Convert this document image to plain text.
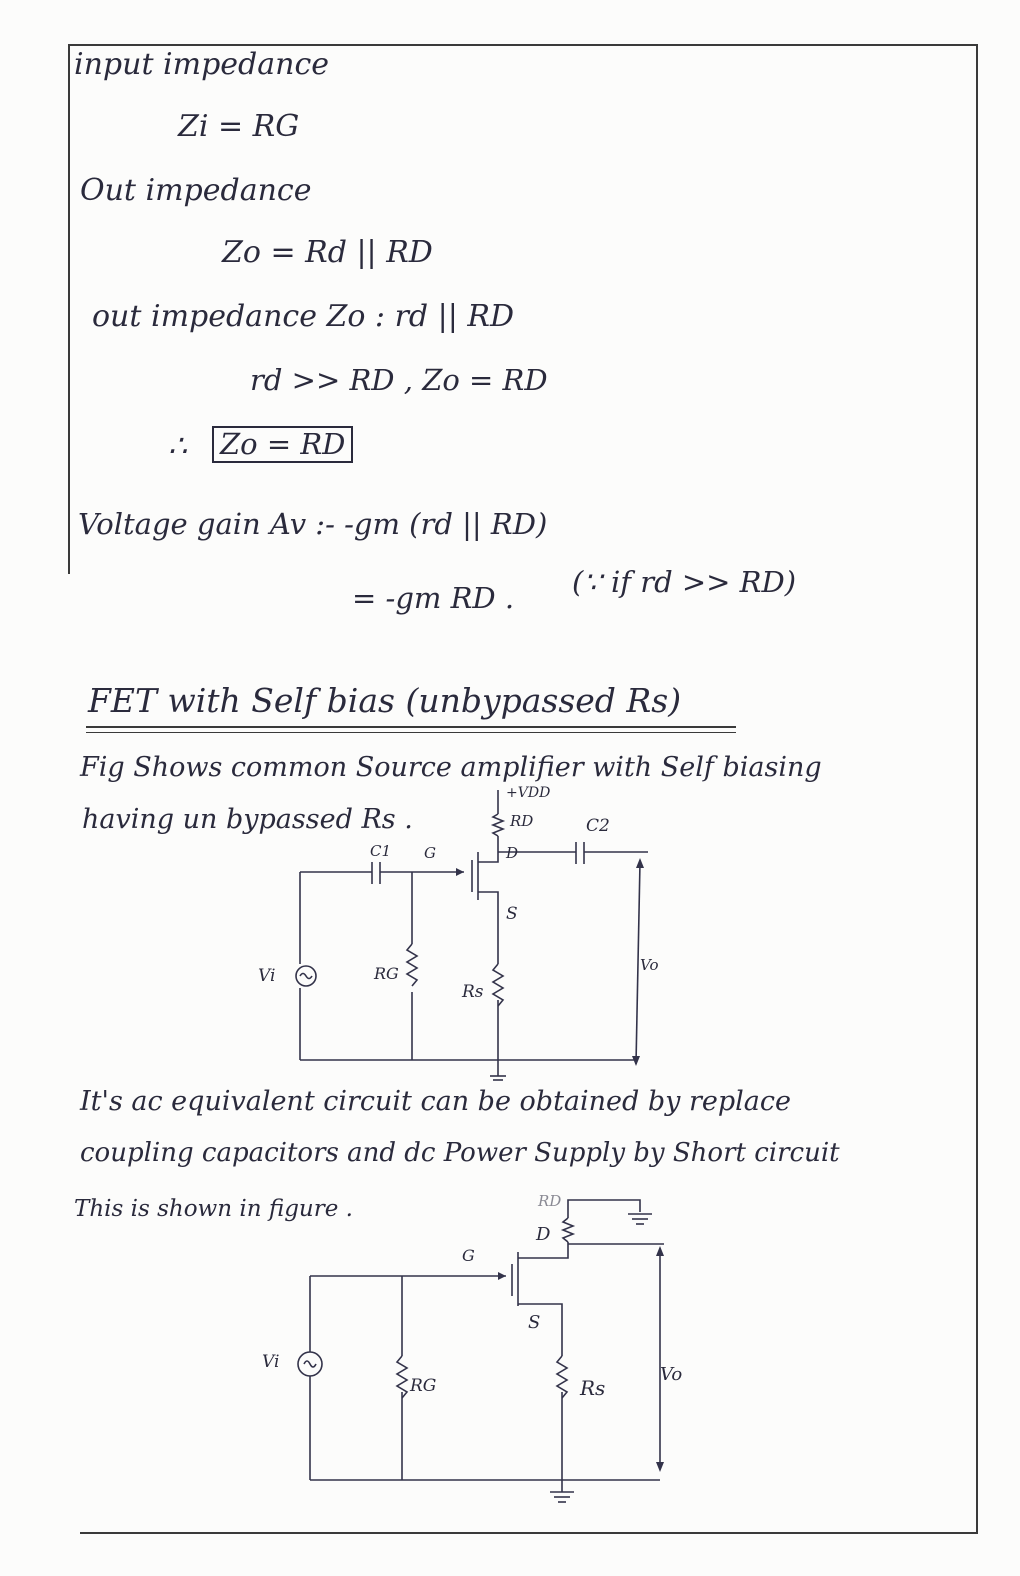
input impedance
Zi = RG
Out impedance
Zo = Rd || RD
out impedance Zo : rd || RD
rd >> RD , Zo = RD
∴ Zo = RD
Voltage gain Av :- -gm (rd || RD)
= -gm RD . (∵ if rd >> RD)
FET with Self bias (unbypassed Rs)
Fig Shows common Source amplifier with Self biasing
having un bypassed Rs .
+VDD
RD
D
C2
C1 G
S
Vi	RG
Rs
Vo
It's ac equivalent circuit can be obtained by replace
coupling capacitors and dc Power Supply by Short circuit
This is shown in figure .	RD
D
G
S
Vi
RG	Rs
Vo
